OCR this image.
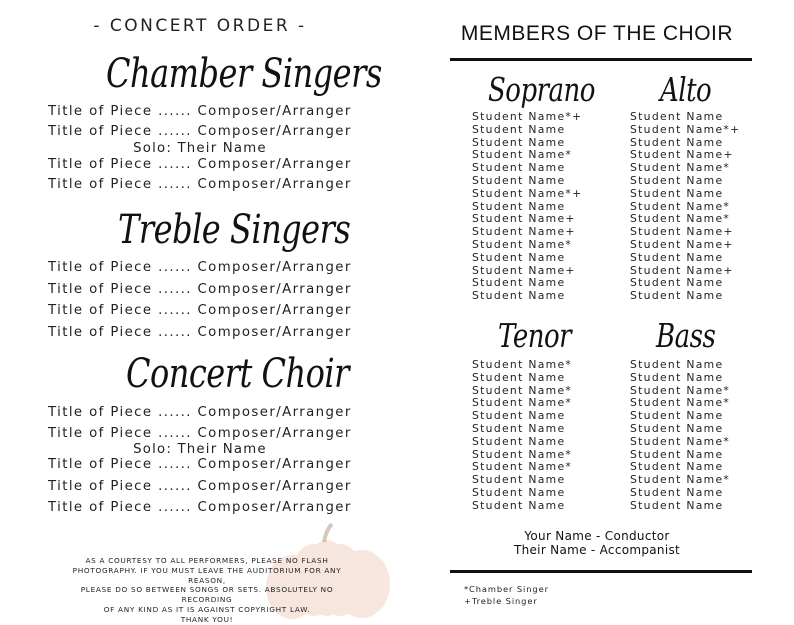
- CONCERT ORDER -
Chamber Singers
Title of Piece ...... Composer/Arranger
Title of Piece ...... Composer/Arranger
Solo: Their Name
Title of Piece ...... Composer/Arranger
Title of Piece ...... Composer/Arranger
Treble Singers
Title of Piece ...... Composer/Arranger
Title of Piece ...... Composer/Arranger
Title of Piece ...... Composer/Arranger
Title of Piece ...... Composer/Arranger
Concert Choir
Title of Piece ...... Composer/Arranger
Title of Piece ...... Composer/Arranger
Solo: Their Name
Title of Piece ...... Composer/Arranger
Title of Piece ...... Composer/Arranger
Title of Piece ...... Composer/Arranger
AS A COURTESY TO ALL PERFORMERS, PLEASE NO FLASH
PHOTOGRAPHY. IF YOU MUST LEAVE THE AUDITORIUM FOR ANY REASON,
PLEASE DO SO BETWEEN SONGS OR SETS. ABSOLUTELY NO RECORDING
OF ANY KIND AS IT IS AGAINST COPYRIGHT LAW.
THANK YOU!
MEMBERS OF THE CHOIR
Soprano	Alto
Student Name*+
Student Name
Student Name
Student Name*
Student Name
Student Name
Student Name*+
Student Name
Student Name+
Student Name+
Student Name*
Student Name
Student Name+
Student Name
Student Name
Student Name
Student Name*+
Student Name
Student Name+
Student Name*
Student Name
Student Name
Student Name*
Student Name*
Student Name+
Student Name+
Student Name
Student Name+
Student Name
Student Name
Tenor	Bass
Student Name*
Student Name
Student Name*
Student Name*
Student Name
Student Name
Student Name
Student Name*
Student Name*
Student Name
Student Name
Student Name
Student Name
Student Name
Student Name*
Student Name*
Student Name
Student Name
Student Name*
Student Name
Student Name
Student Name*
Student Name
Student Name
Your Name - Conductor
Their Name - Accompanist
*Chamber Singer
+Treble Singer
